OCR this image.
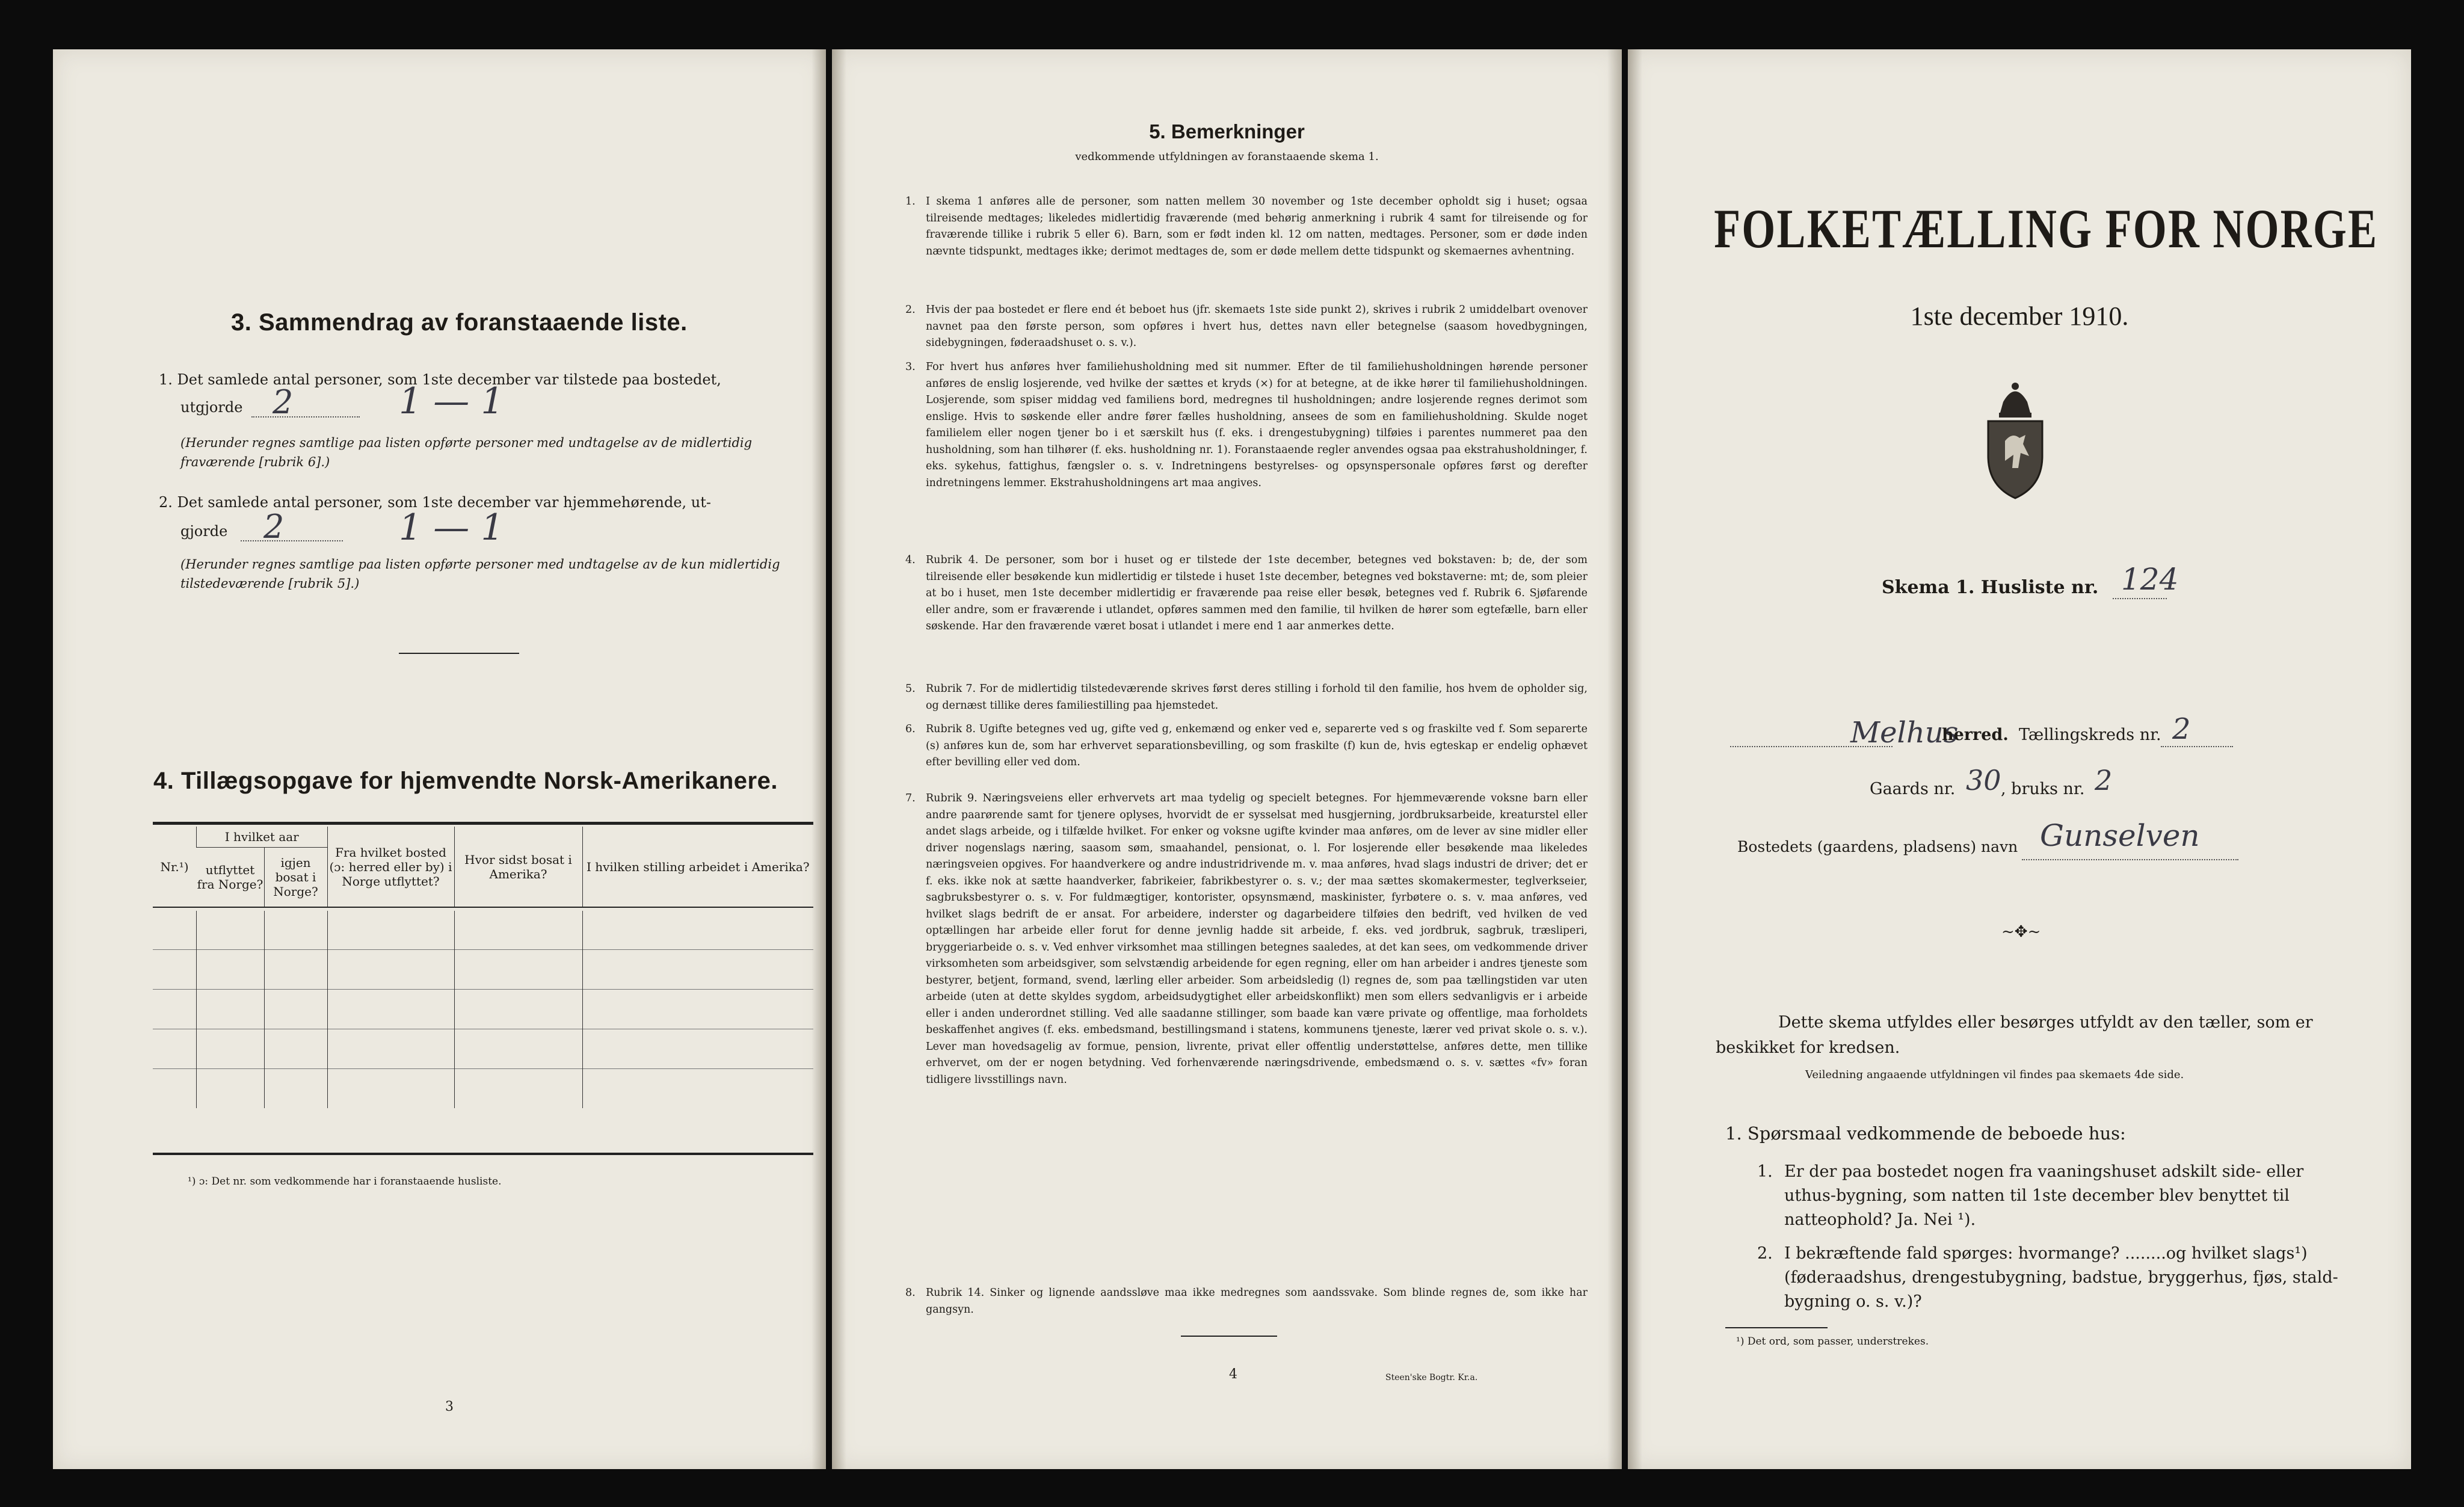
3. Sammendrag av foranstaaende liste.
1. Det samlede antal personer, som 1ste december var tilstede paa bostedet,
utgjorde 2	1 — 1
(Herunder regnes samtlige paa listen opførte personer med undtagelse av de midlertidig fraværende [rubrik 6].)
2. Det samlede antal personer, som 1ste december var hjemmehørende, ut-
gjorde 2	1 — 1
(Herunder regnes samtlige paa listen opførte personer med undtagelse av de kun midlertidig tilstedeværende [rubrik 5].)
4. Tillægsopgave for hjemvendte Norsk-Amerikanere.
Nr.¹)	I hvilket aar		Fra hvilket bosted (ɔ: herred eller by) i Norge utflyttet?	Hvor sidst bosat i Amerika?	I hvilken stilling arbeidet i Amerika?
	utflyttet fra Norge?	igjen bosat i Norge?			

¹) ɔ: Det nr. som vedkommende har i foranstaaende husliste.
3
5. Bemerkninger
vedkommende utfyldningen av foranstaaende skema 1.
1. I skema 1 anføres alle de personer, som natten mellem 30 november og 1ste december opholdt sig i huset; ogsaa tilreisende medtages; likeledes midlertidig fraværende (med behørig anmerkning i rubrik 4 samt for tilreisende og for fraværende tillike i rubrik 5 eller 6). Barn, som er født inden kl. 12 om natten, medtages. Personer, som er døde inden nævnte tidspunkt, medtages ikke; derimot medtages de, som er døde mellem dette tidspunkt og skemaernes avhentning.
2. Hvis der paa bostedet er flere end ét beboet hus (jfr. skemaets 1ste side punkt 2), skrives i rubrik 2 umiddelbart ovenover navnet paa den første person, som opføres i hvert hus, dettes navn eller betegnelse (saasom hovedbygningen, sidebygningen, føderaadshuset o. s. v.).
3. For hvert hus anføres hver familiehusholdning med sit nummer. Efter de til familiehusholdningen hørende personer anføres de enslig losjerende, ved hvilke der sættes et kryds (×) for at betegne, at de ikke hører til familiehusholdningen. Losjerende, som spiser middag ved familiens bord, medregnes til husholdningen; andre losjerende regnes derimot som enslige. Hvis to søskende eller andre fører fælles husholdning, ansees de som en familiehusholdning. Skulde noget familielem eller nogen tjener bo i et særskilt hus (f. eks. i drengestubygning) tilføies i parentes nummeret paa den husholdning, som han tilhører (f. eks. husholdning nr. 1). Foranstaaende regler anvendes ogsaa paa ekstrahusholdninger, f. eks. sykehus, fattighus, fængsler o. s. v. Indretningens bestyrelses- og opsynspersonale opføres først og derefter indretningens lemmer. Ekstrahusholdningens art maa angives.
4. Rubrik 4. De personer, som bor i huset og er tilstede der 1ste december, betegnes ved bokstaven: b; de, der som tilreisende eller besøkende kun midlertidig er tilstede i huset 1ste december, betegnes ved bokstaverne: mt; de, som pleier at bo i huset, men 1ste december midlertidig er fraværende paa reise eller besøk, betegnes ved f. Rubrik 6. Sjøfarende eller andre, som er fraværende i utlandet, opføres sammen med den familie, til hvilken de hører som egtefælle, barn eller søskende. Har den fraværende været bosat i utlandet i mere end 1 aar anmerkes dette.
5. Rubrik 7. For de midlertidig tilstedeværende skrives først deres stilling i forhold til den familie, hos hvem de opholder sig, og dernæst tillike deres familiestilling paa hjemstedet.
6. Rubrik 8. Ugifte betegnes ved ug, gifte ved g, enkemænd og enker ved e, separerte ved s og fraskilte ved f. Som separerte (s) anføres kun de, som har erhvervet separationsbevilling, og som fraskilte (f) kun de, hvis egteskap er endelig ophævet efter bevilling eller ved dom.
7. Rubrik 9. Næringsveiens eller erhvervets art maa tydelig og specielt betegnes. For hjemmeværende voksne barn eller andre paarørende samt for tjenere oplyses, hvorvidt de er sysselsat med husgjerning, jordbruksarbeide, kreaturstel eller andet slags arbeide, og i tilfælde hvilket. For enker og voksne ugifte kvinder maa anføres, om de lever av sine midler eller driver nogenslags næring, saasom søm, smaahandel, pensionat, o. l. For losjerende eller besøkende maa likeledes næringsveien opgives. For haandverkere og andre industridrivende m. v. maa anføres, hvad slags industri de driver; det er f. eks. ikke nok at sætte haandverker, fabrikeier, fabrikbestyrer o. s. v.; der maa sættes skomakermester, teglverkseier, sagbruksbestyrer o. s. v. For fuldmægtiger, kontorister, opsynsmænd, maskinister, fyrbøtere o. s. v. maa anføres, ved hvilket slags bedrift de er ansat. For arbeidere, inderster og dagarbeidere tilføies den bedrift, ved hvilken de ved optællingen har arbeide eller forut for denne jevnlig hadde sit arbeide, f. eks. ved jordbruk, sagbruk, træsliperi, bryggeriarbeide o. s. v. Ved enhver virksomhet maa stillingen betegnes saaledes, at det kan sees, om vedkommende driver virksomheten som arbeidsgiver, som selvstændig arbeidende for egen regning, eller om han arbeider i andres tjeneste som bestyrer, betjent, formand, svend, lærling eller arbeider. Som arbeidsledig (l) regnes de, som paa tællingstiden var uten arbeide (uten at dette skyldes sygdom, arbeidsudygtighet eller arbeidskonflikt) men som ellers sedvanligvis er i arbeide eller i anden underordnet stilling. Ved alle saadanne stillinger, som baade kan være private og offentlige, maa forholdets beskaffenhet angives (f. eks. embedsmand, bestillingsmand i statens, kommunens tjeneste, lærer ved privat skole o. s. v.). Lever man hovedsagelig av formue, pension, livrente, privat eller offentlig understøttelse, anføres dette, men tillike erhvervet, om der er nogen betydning. Ved forhenværende næringsdrivende, embedsmænd o. s. v. sættes «fv» foran tidligere livsstillings navn.
8. Rubrik 14. Sinker og lignende aandssløve maa ikke medregnes som aandssvake. Som blinde regnes de, som ikke har gangsyn.
4	Steen'ske Bogtr. Kr.a.
FOLKETÆLLING FOR NORGE
1ste december 1910.
Skema 1. Husliste nr. 124
Melhus
herred. Tællingskreds nr. 2
Gaards nr. 30 , bruks nr. 2
Bostedets (gaardens, pladsens) navn Gunselven
~✥~
Dette skema utfyldes eller besørges utfyldt av den tæller, som er
beskikket for kredsen.
Veiledning angaaende utfyldningen vil findes paa skemaets 4de side.
1. Spørsmaal vedkommende de beboede hus:
1. Er der paa bostedet nogen fra vaaningshuset adskilt side- eller
uthus-bygning, som natten til 1ste december blev benyttet til
natteophold? Ja. Nei ¹).
2. I bekræftende fald spørges: hvormange? ........og hvilket slags¹)
(føderaadshus, drengestubygning, badstue, bryggerhus, fjøs, stald-
bygning o. s. v.)?
¹) Det ord, som passer, understrekes.
